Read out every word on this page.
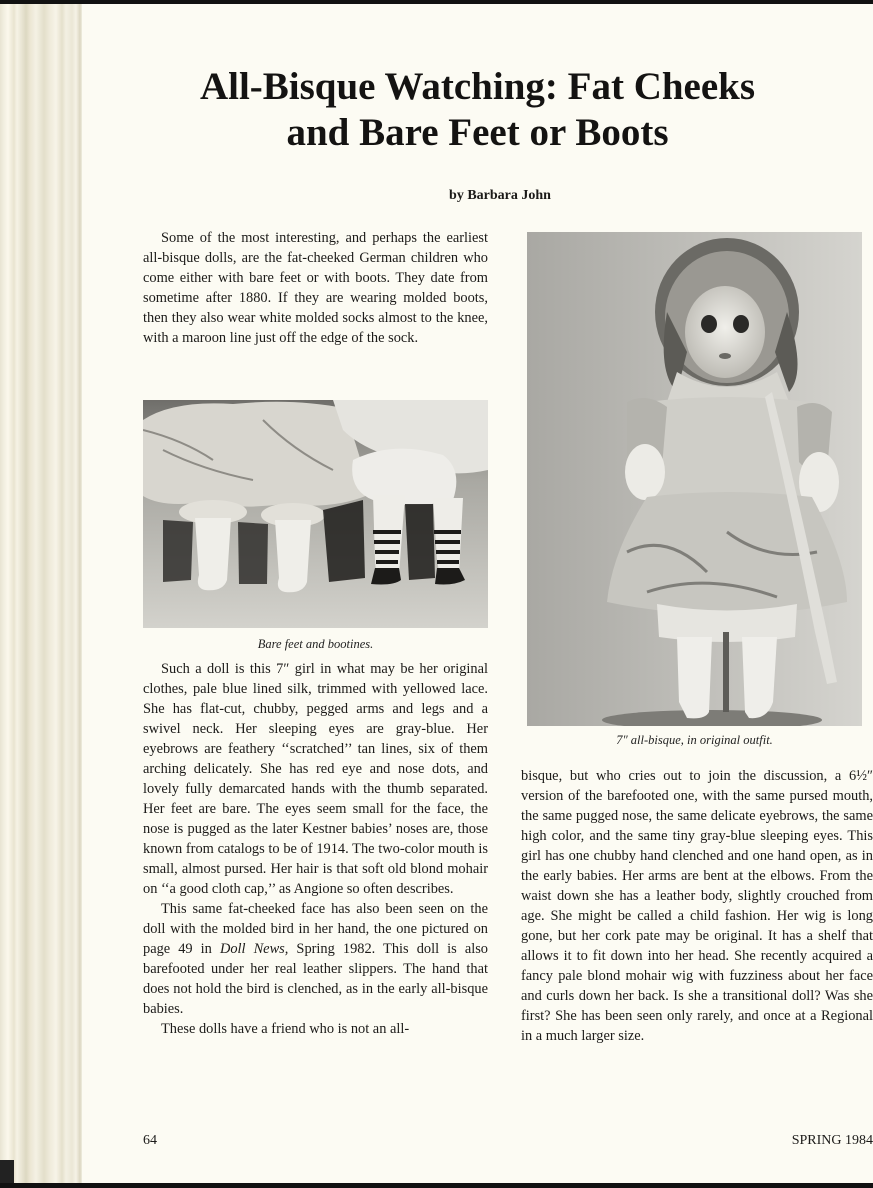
All-Bisque Watching: Fat Cheeks
and Bare Feet or Boots
by Barbara John

Some of the most interesting, and perhaps the earliest all-bisque dolls, are the fat-cheeked German children who come either with bare feet or with boots. They date from sometime after 1880. If they are wearing molded boots, then they also wear white molded socks almost to the knee, with a maroon line just off the edge of the sock.

Bare feet and bootines.

Such a doll is this 7″ girl in what may be her original clothes, pale blue lined silk, trimmed with yellowed lace. She has flat-cut, chubby, pegged arms and legs and a swivel neck. Her sleeping eyes are gray-blue. Her eyebrows are feathery ‘‘scratched’’ tan lines, six of them arching delicately. She has red eye and nose dots, and lovely fully demarcated hands with the thumb separated. Her feet are bare. The eyes seem small for the face, the nose is pugged as the later Kestner babies’ noses are, those known from catalogs to be of 1914. The two-color mouth is small, almost pursed. Her hair is that soft old blond mohair on ‘‘a good cloth cap,’’ as Angione so often describes.

This same fat-cheeked face has also been seen on the doll with the molded bird in her hand, the one pictured on page 49 in Doll News, Spring 1982. This doll is also barefooted under her real leather slippers. The hand that does not hold the bird is clenched, as in the early all-bisque babies.

These dolls have a friend who is not an all-

7″ all-bisque, in original outfit.

bisque, but who cries out to join the discussion, a 6½″ version of the barefooted one, with the same pursed mouth, the same pugged nose, the same delicate eyebrows, the same high color, and the same tiny gray-blue sleeping eyes. This girl has one chubby hand clenched and one hand open, as in the early babies. Her arms are bent at the elbows. From the waist down she has a leather body, slightly crouched from age. She might be called a child fashion. Her wig is long gone, but her cork pate may be original. It has a shelf that allows it to fit down into her head. She recently acquired a fancy pale blond mohair wig with fuzziness about her face and curls down her back. Is she a transitional doll? Was she first? She has been seen only rarely, and once at a Regional in a much larger size.

64	SPRING 1984
